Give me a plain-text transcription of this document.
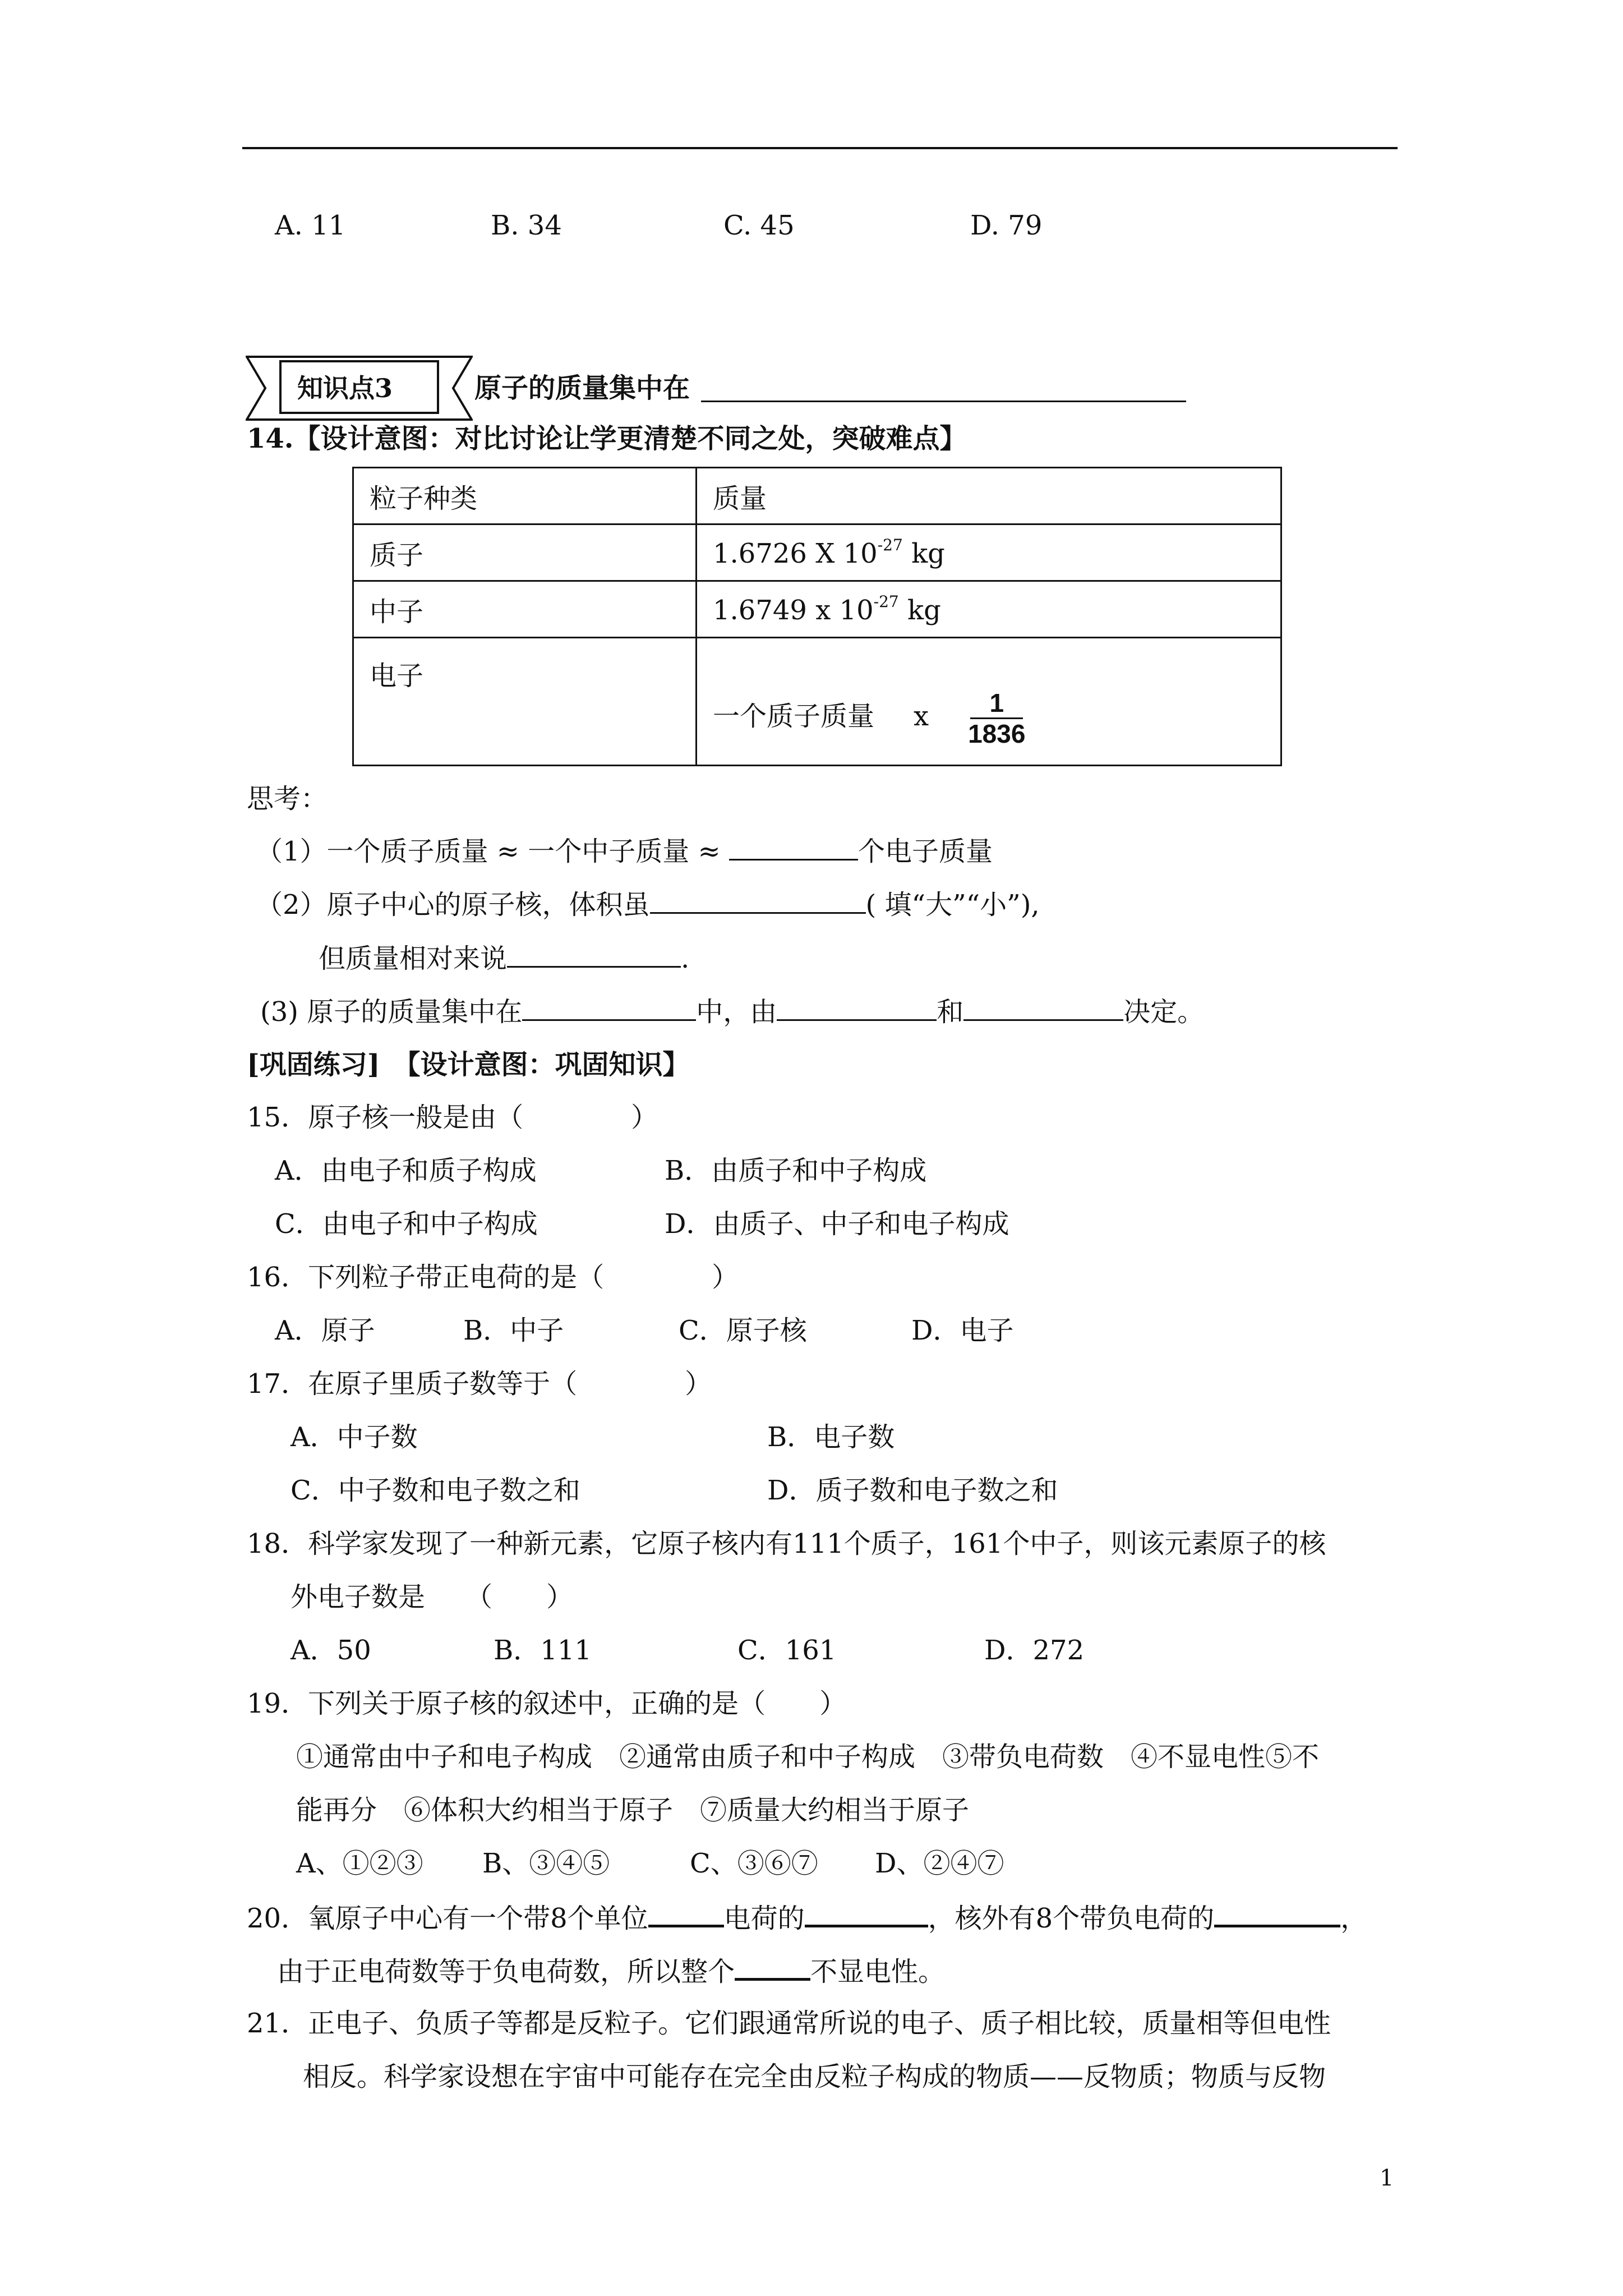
A. 11	B. 34	C. 45	D. 79
知识点3	原子的质量集中在
14.【设计意图：对比讨论让学更清楚不同之处，突破难点】
粒子种类	质量
质子	1.6726 X $10^{-27}$ kg
中子	1.6749 x $10^{-27}$ kg
电子	一个质子质量 x $\frac{1}{1836}$
思考：
（1）一个质子质量 ≈ 一个中子质量 ≈	个电子质量
（2）原子中心的原子核，体积虽	( 填“大”“小”),
但质量相对来说	.
(3) 原子的质量集中在	中，由	和	决定。
[巩固练习] 【设计意图：巩固知识】
15．原子核一般是由（　　　　）
A．由电子和质子构成	B．由质子和中子构成
C．由电子和中子构成	D．由质子、中子和电子构成
16．下列粒子带正电荷的是（　　　　）
A．原子	B．中子	C．原子核	D．电子
17．在原子里质子数等于（　　　　）
A．中子数	B．电子数
C．中子数和电子数之和	D．质子数和电子数之和
18．科学家发现了一种新元素，它原子核内有111个质子，161个中子，则该元素原子的核
外电子数是　　（　　）
A．50	B．111	C．161	D．272
19．下列关于原子核的叙述中，正确的是（　　）
①通常由中子和电子构成　②通常由质子和中子构成　③带负电荷数　④不显电性⑤不
能再分　⑥体积大约相当于原子　⑦质量大约相当于原子
A、①②③ B、③④⑤	C、③⑥⑦ D、②④⑦
20．氧原子中心有一个带8个单位	电荷的	，核外有8个带负电荷的	，
由于正电荷数等于负电荷数，所以整个	不显电性。
21．正电子、负质子等都是反粒子。它们跟通常所说的电子、质子相比较，质量相等但电性
相反。科学家设想在宇宙中可能存在完全由反粒子构成的物质——反物质；物质与反物
1
